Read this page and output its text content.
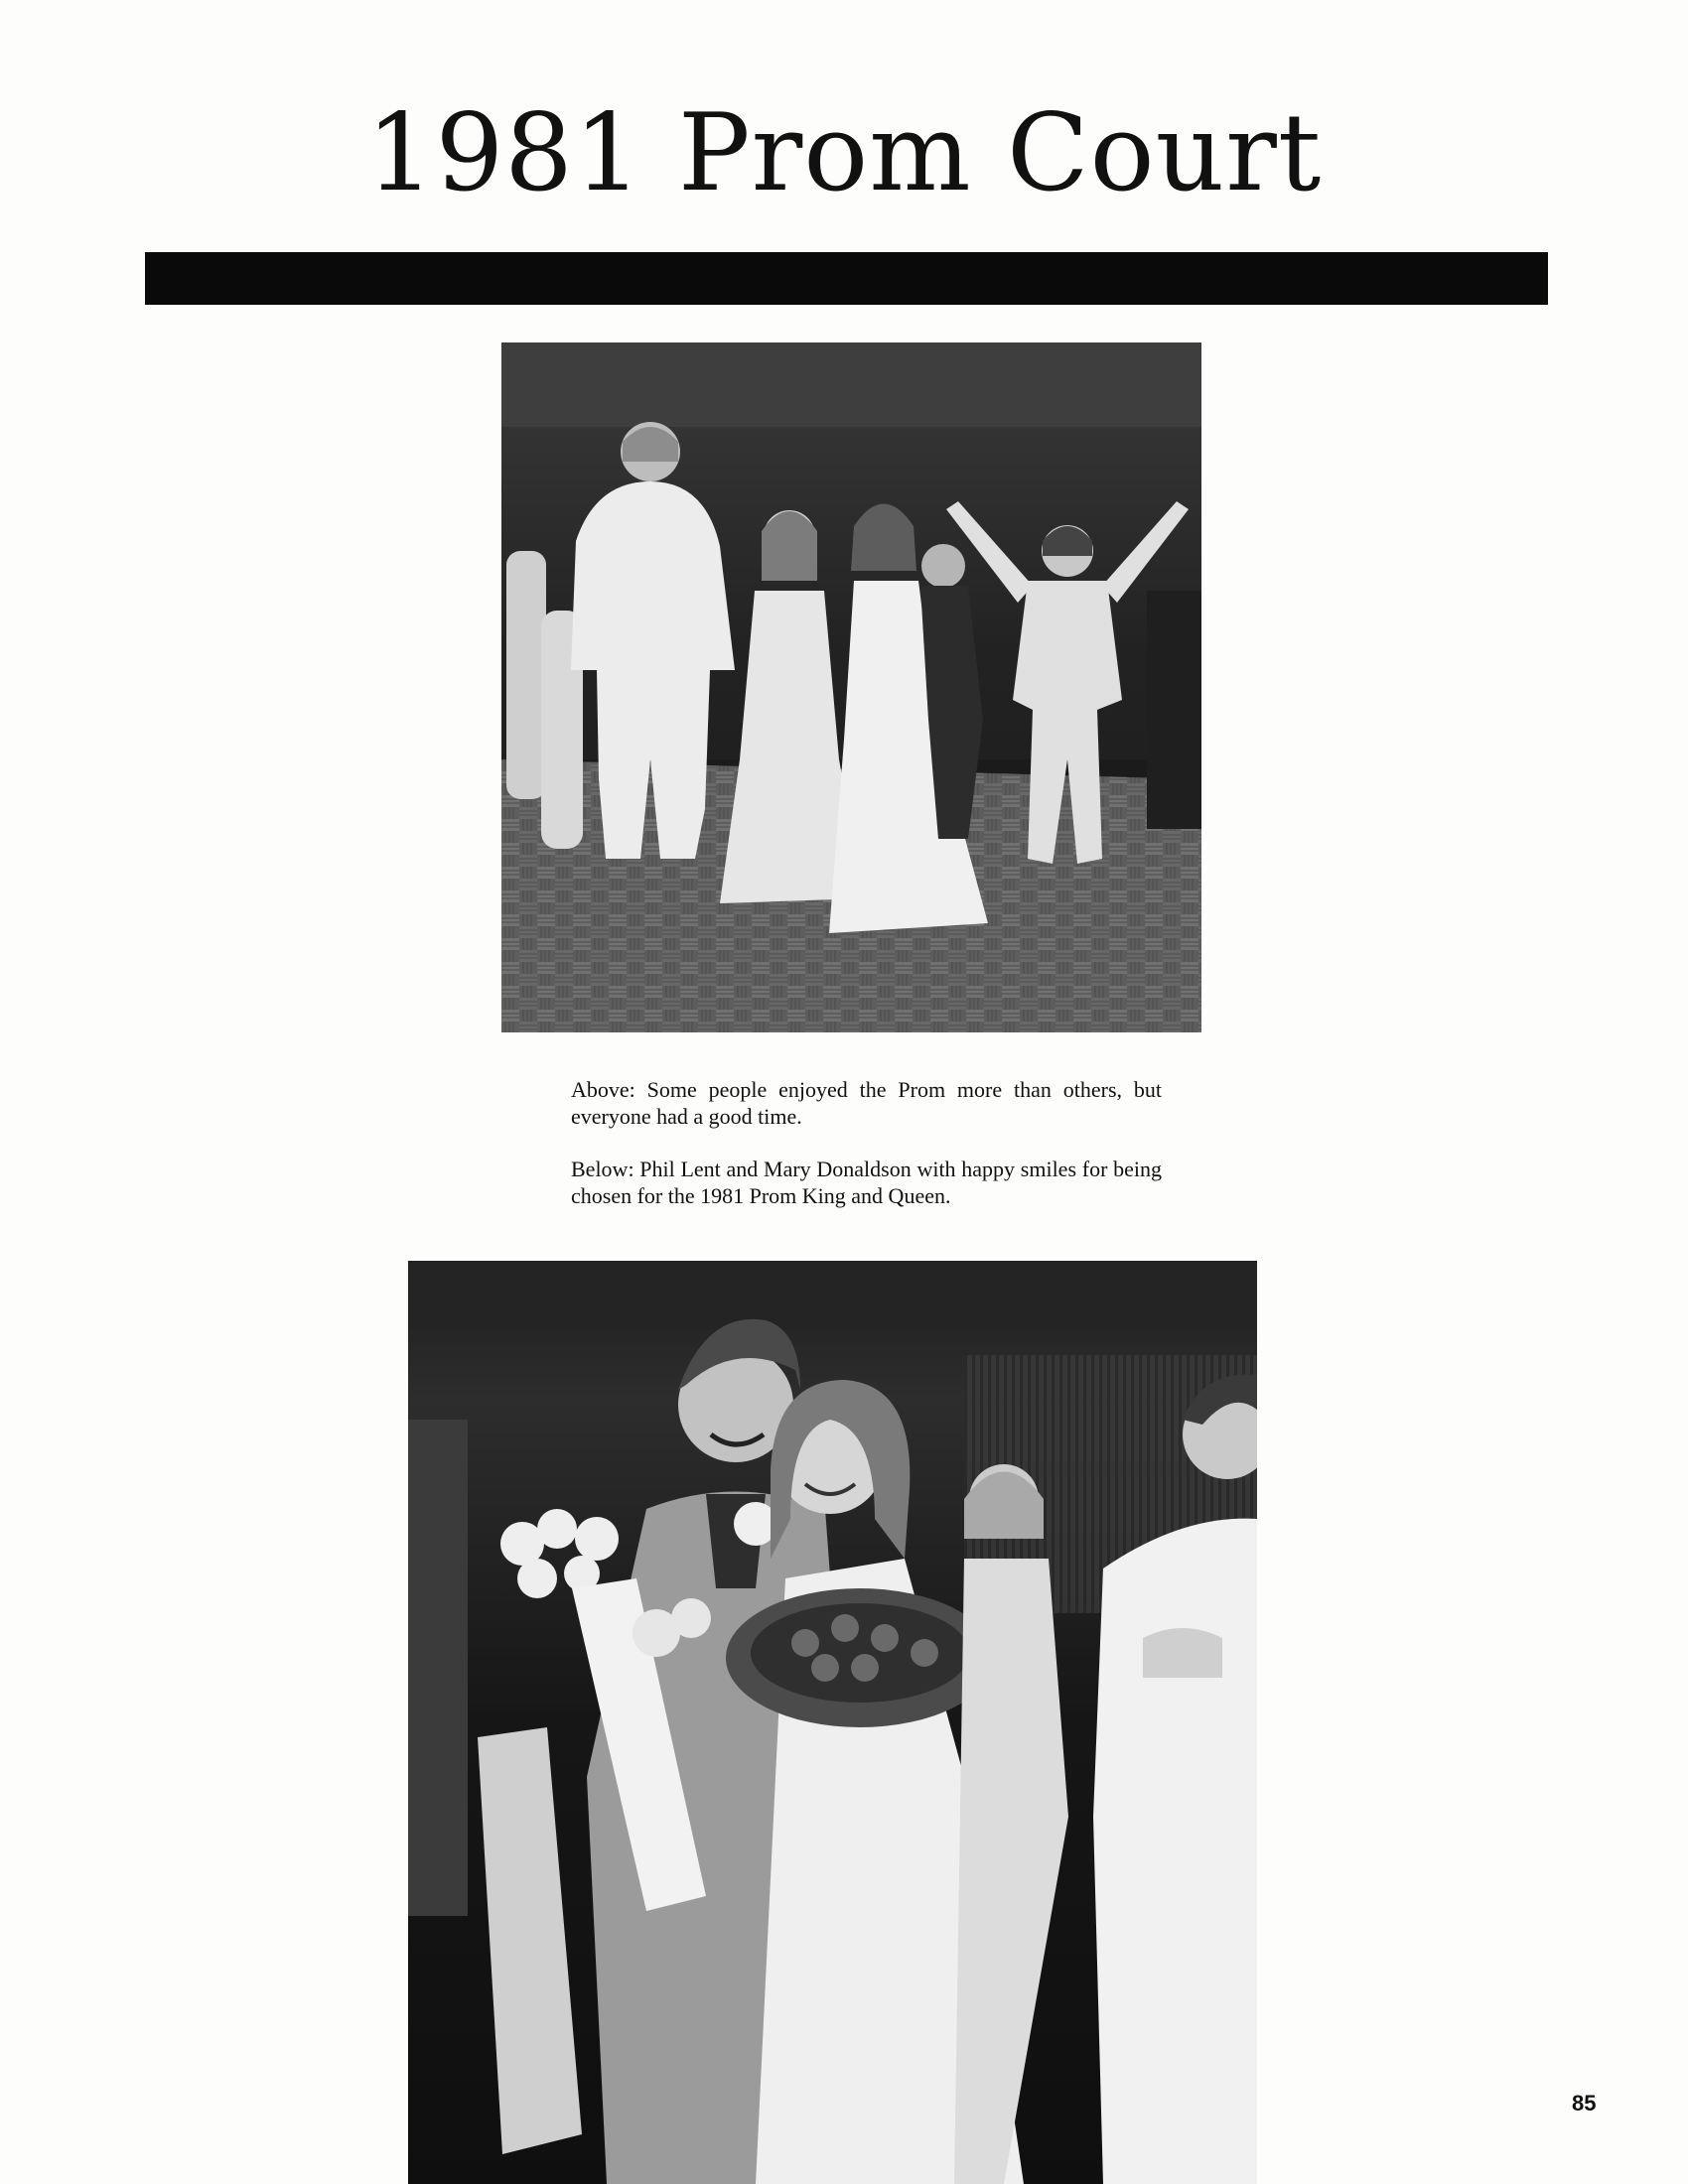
1981 Prom Court
Above: Some people enjoyed the Prom more than others, but everyone had a good time.
Below: Phil Lent and Mary Donaldson with happy smiles for being chosen for the 1981 Prom King and Queen.
85
